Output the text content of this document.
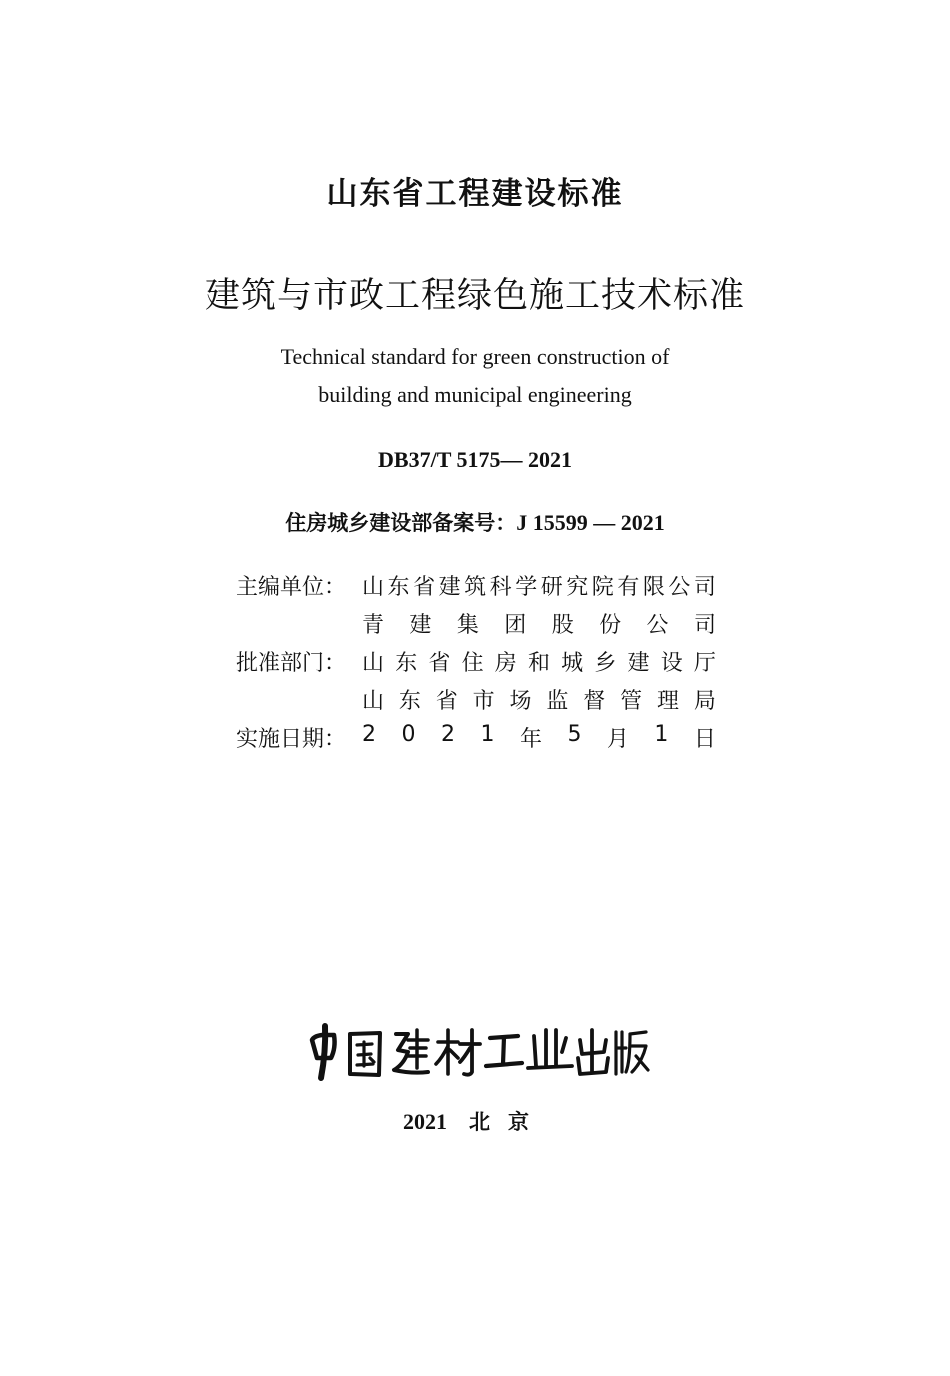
山东省工程建设标准
建筑与市政工程绿色施工技术标准
Technical standard for green construction of
building and municipal engineering
DB37/T 5175— 2021
住房城乡建设部备案号：J 15599 — 2021
主编单位： 山 东 省 建 筑 科 学 研 究 院 有 限 公 司
青 建 集 团 股 份 公 司
批准部门： 山 东 省 住 房 和 城 乡 建 设 厅
山 东 省 市 场 监 督 管 理 局
实施日期： 2 0 2 1 年 5 月 1 日
2021 北京
